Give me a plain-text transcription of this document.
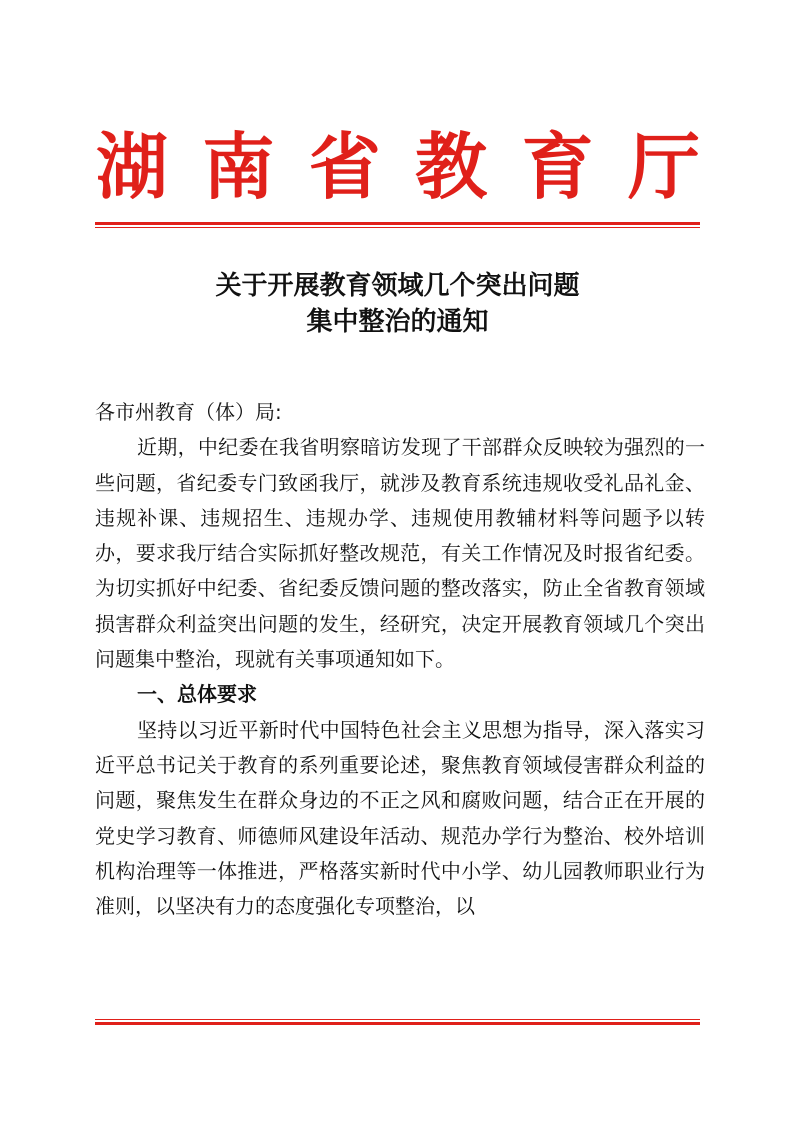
湖 南 省 教 育 厅
关于开展教育领域几个突出问题
集中整治的通知

各市州教育（体）局:

近期，中纪委在我省明察暗访发现了干部群众反映较为强烈的一些问题，省纪委专门致函我厅，就涉及教育系统违规收受礼品礼金、违规补课、违规招生、违规办学、违规使用教辅材料等问题予以转办，要求我厅结合实际抓好整改规范，有关工作情况及时报省纪委。为切实抓好中纪委、省纪委反馈问题的整改落实，防止全省教育领域损害群众利益突出问题的发生，经研究，决定开展教育领域几个突出问题集中整治，现就有关事项通知如下。

一、总体要求

坚持以习近平新时代中国特色社会主义思想为指导，深入落实习近平总书记关于教育的系列重要论述，聚焦教育领域侵害群众利益的问题，聚焦发生在群众身边的不正之风和腐败问题，结合正在开展的党史学习教育、师德师风建设年活动、规范办学行为整治、校外培训机构治理等一体推进，严格落实新时代中小学、幼儿园教师职业行为准则，以坚决有力的态度强化专项整治，以
